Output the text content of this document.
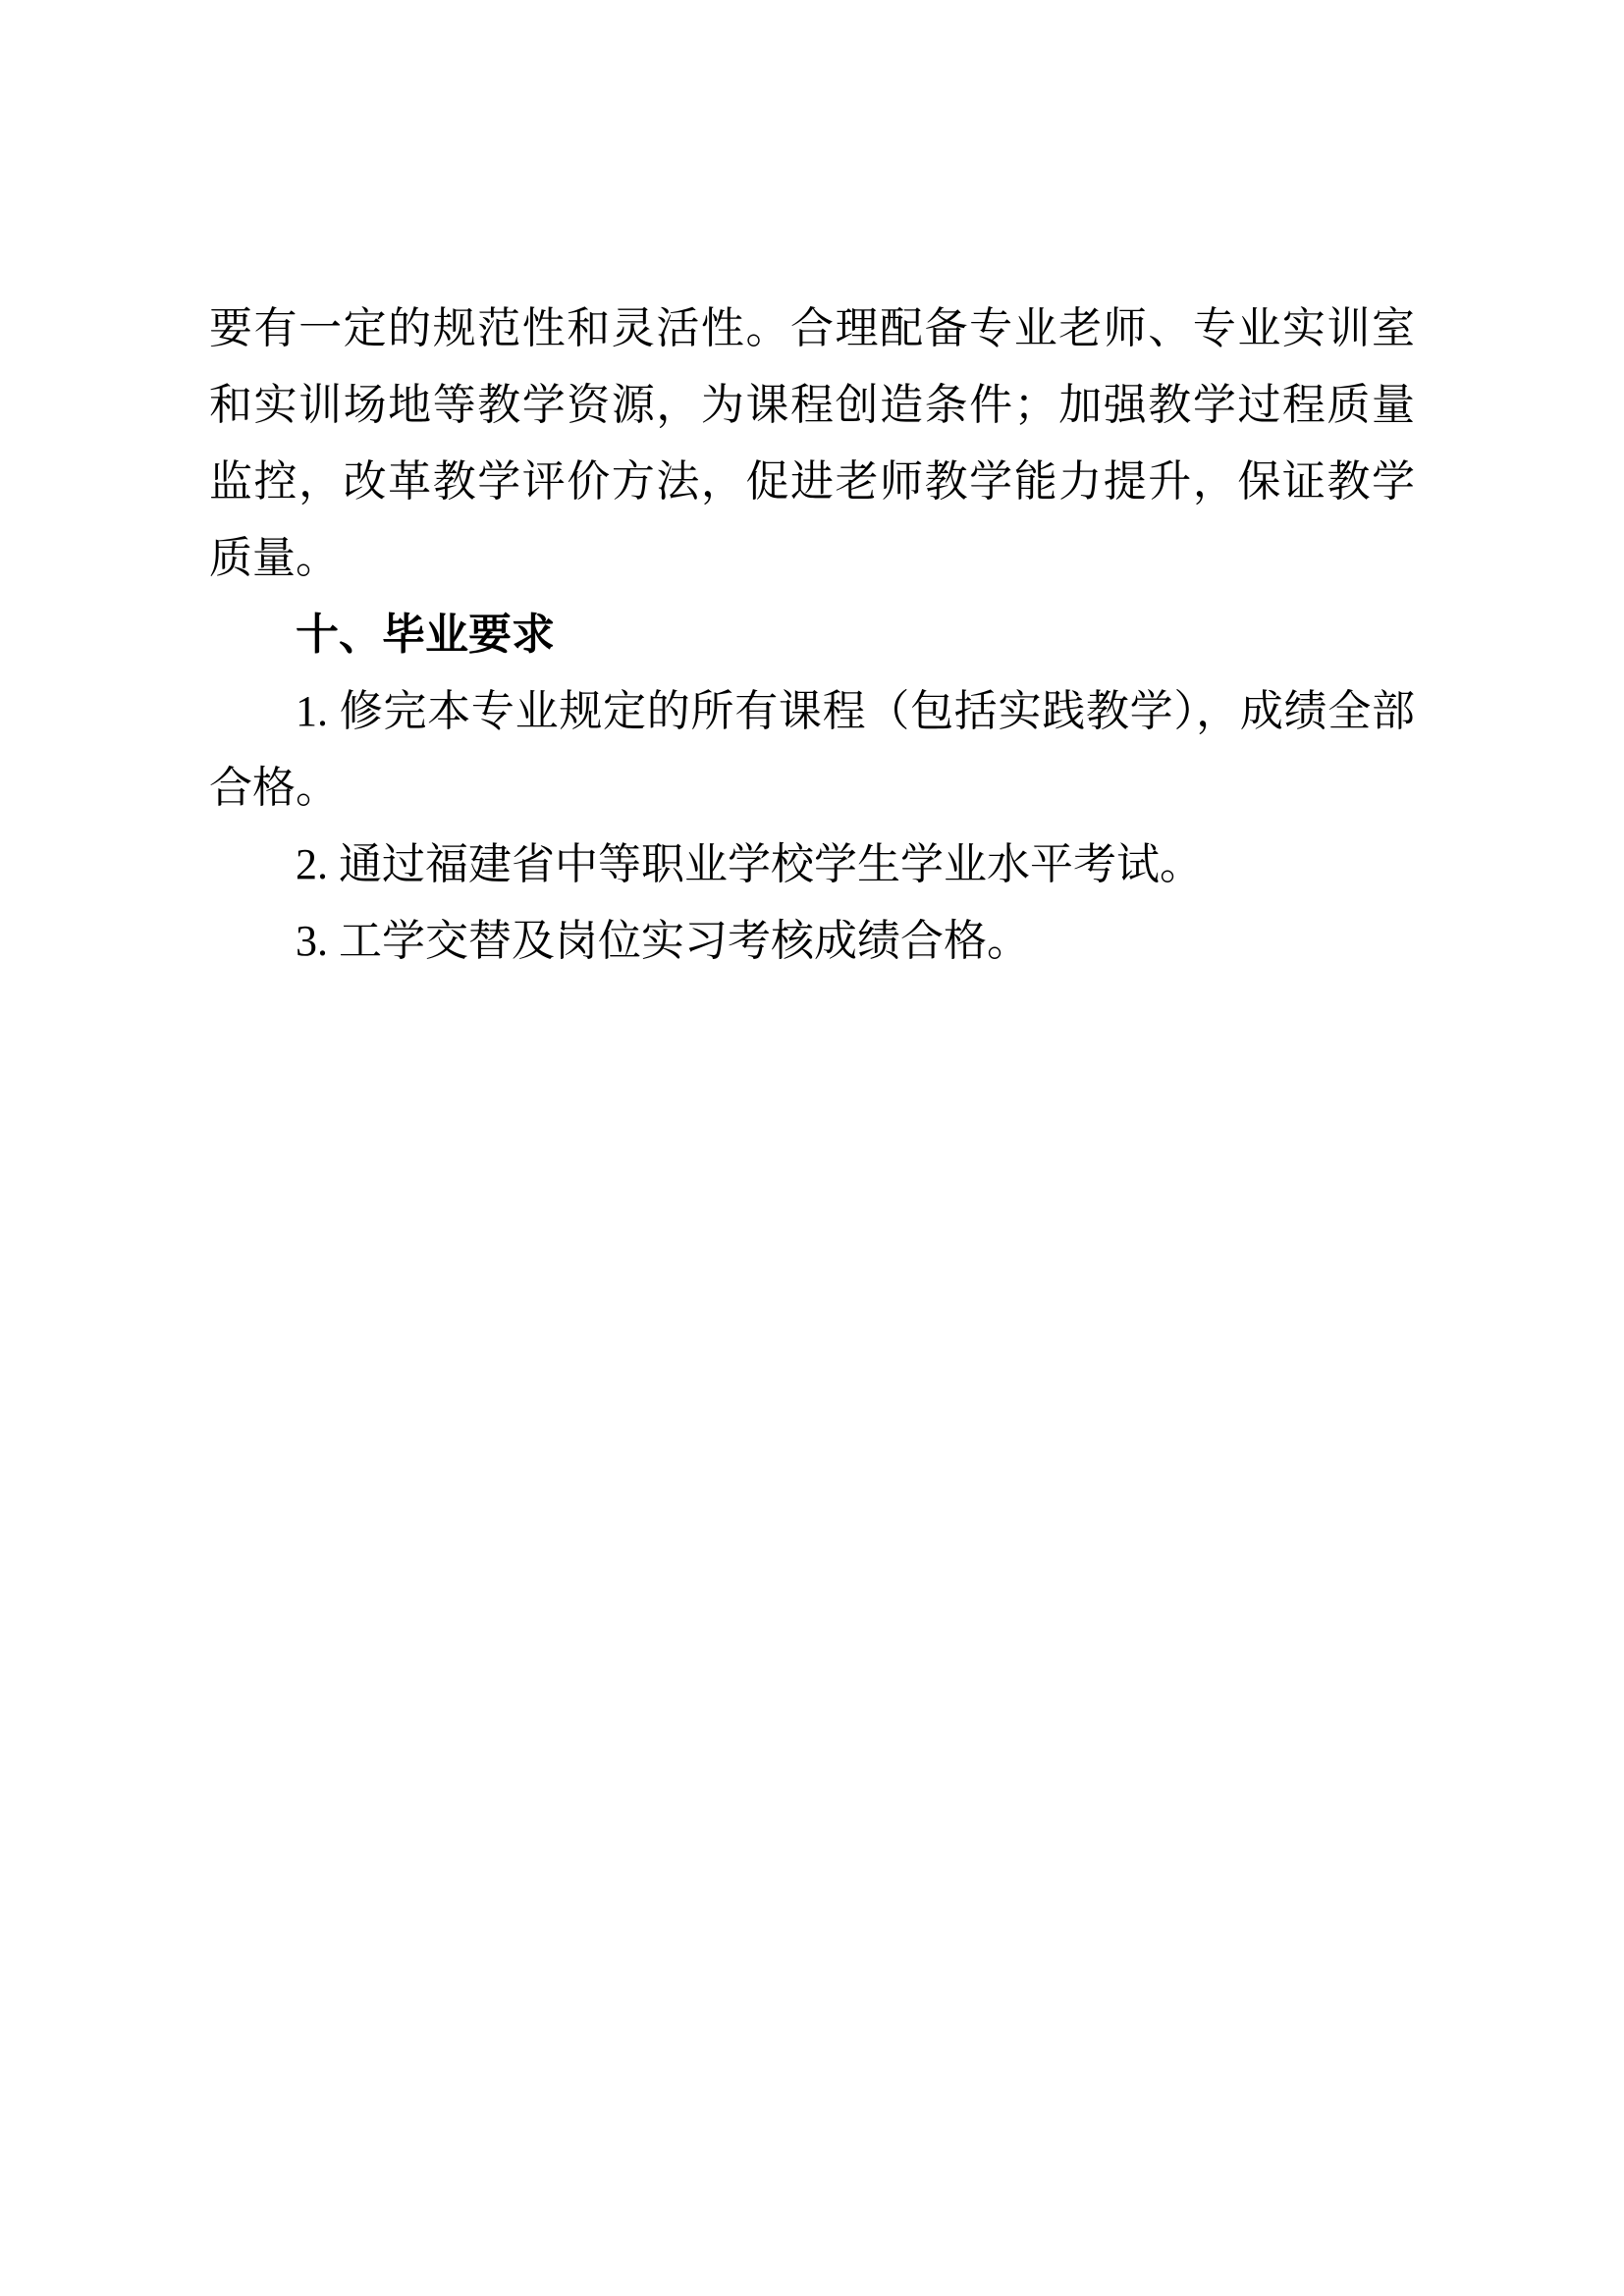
要有一定的规范性和灵活性。合理配备专业老师、专业实训室和实训场地等教学资源，为课程创造条件；加强教学过程质量监控，改革教学评价方法，促进老师教学能力提升，保证教学质量。

十、毕业要求

1. 修完本专业规定的所有课程（包括实践教学），成绩全部合格。

2. 通过福建省中等职业学校学生学业水平考试。

3. 工学交替及岗位实习考核成绩合格。
